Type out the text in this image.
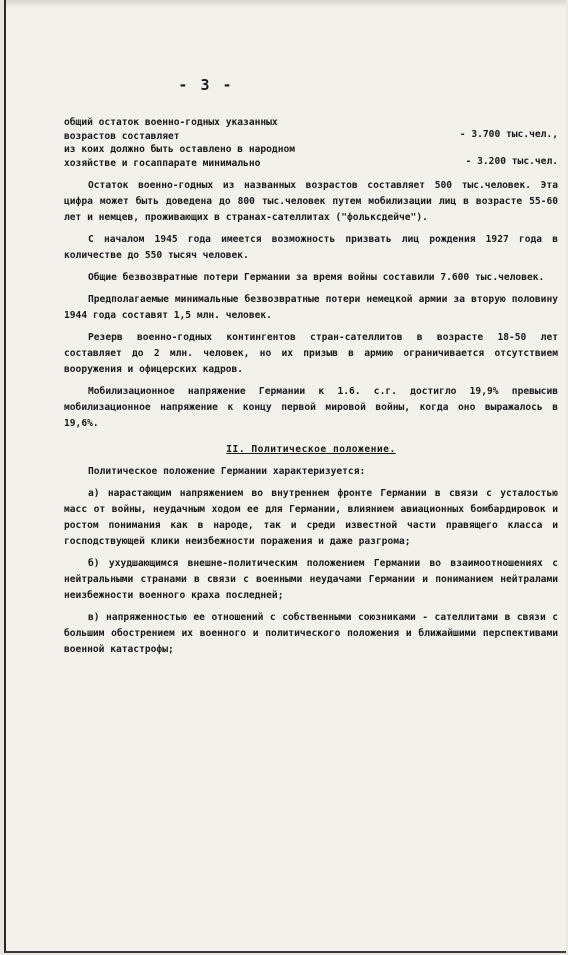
- 3 -
общий остаток военно-годных указанных возрастов составляет	- 3.700 тыс.чел.,
из коих должно быть оставлено в народном хозяйстве и госаппарате минимально	- 3.200 тыс.чел.

Остаток военно-годных из названных возрастов составляет 500 тыс.человек. Эта цифра может быть доведена до 800 тыс.человек путем мобилизации лиц в возрасте 55-60 лет и немцев, проживающих в странах-сателлитах ("фольксдейче").

С началом 1945 года имеется возможность призвать лиц рождения 1927 года в количестве до 550 тысяч человек.

Общие безвозвратные потери Германии за время войны составили 7.600 тыс.человек.

Предполагаемые минимальные безвозвратные потери немецкой армии за вторую половину 1944 года составят 1,5 млн. человек.

Резерв военно-годных контингентов стран-сателлитов в возрасте 18-50 лет составляет до 2 млн. человек, но их призыв в армию ограничивается отсутствием вооружения и офицерских кадров.

Мобилизационное напряжение Германии к 1.6. с.г. достигло 19,9% превысив мобилизационное напряжение к концу первой мировой войны, когда оно выражалось в 19,6%.

II. Политическое положение.

Политическое положение Германии характеризуется:

а) нарастающим напряжением во внутреннем фронте Германии в связи с усталостью масс от войны, неудачным ходом ее для Германии, влиянием авиационных бомбардировок и ростом понимания как в народе, так и среди известной части правящего класса и господствующей клики неизбежности поражения и даже разгрома;

б) ухудшающимся внешне-политическим положением Германии во взаимоотношениях с нейтральными странами в связи с военными неудачами Германии и пониманием нейтралами неизбежности военного краха последней;

в) напряженностью ее отношений с собственными союзниками - сателлитами в связи с большим обострением их военного и политического положения и ближайшими перспективами военной катастрофы;
